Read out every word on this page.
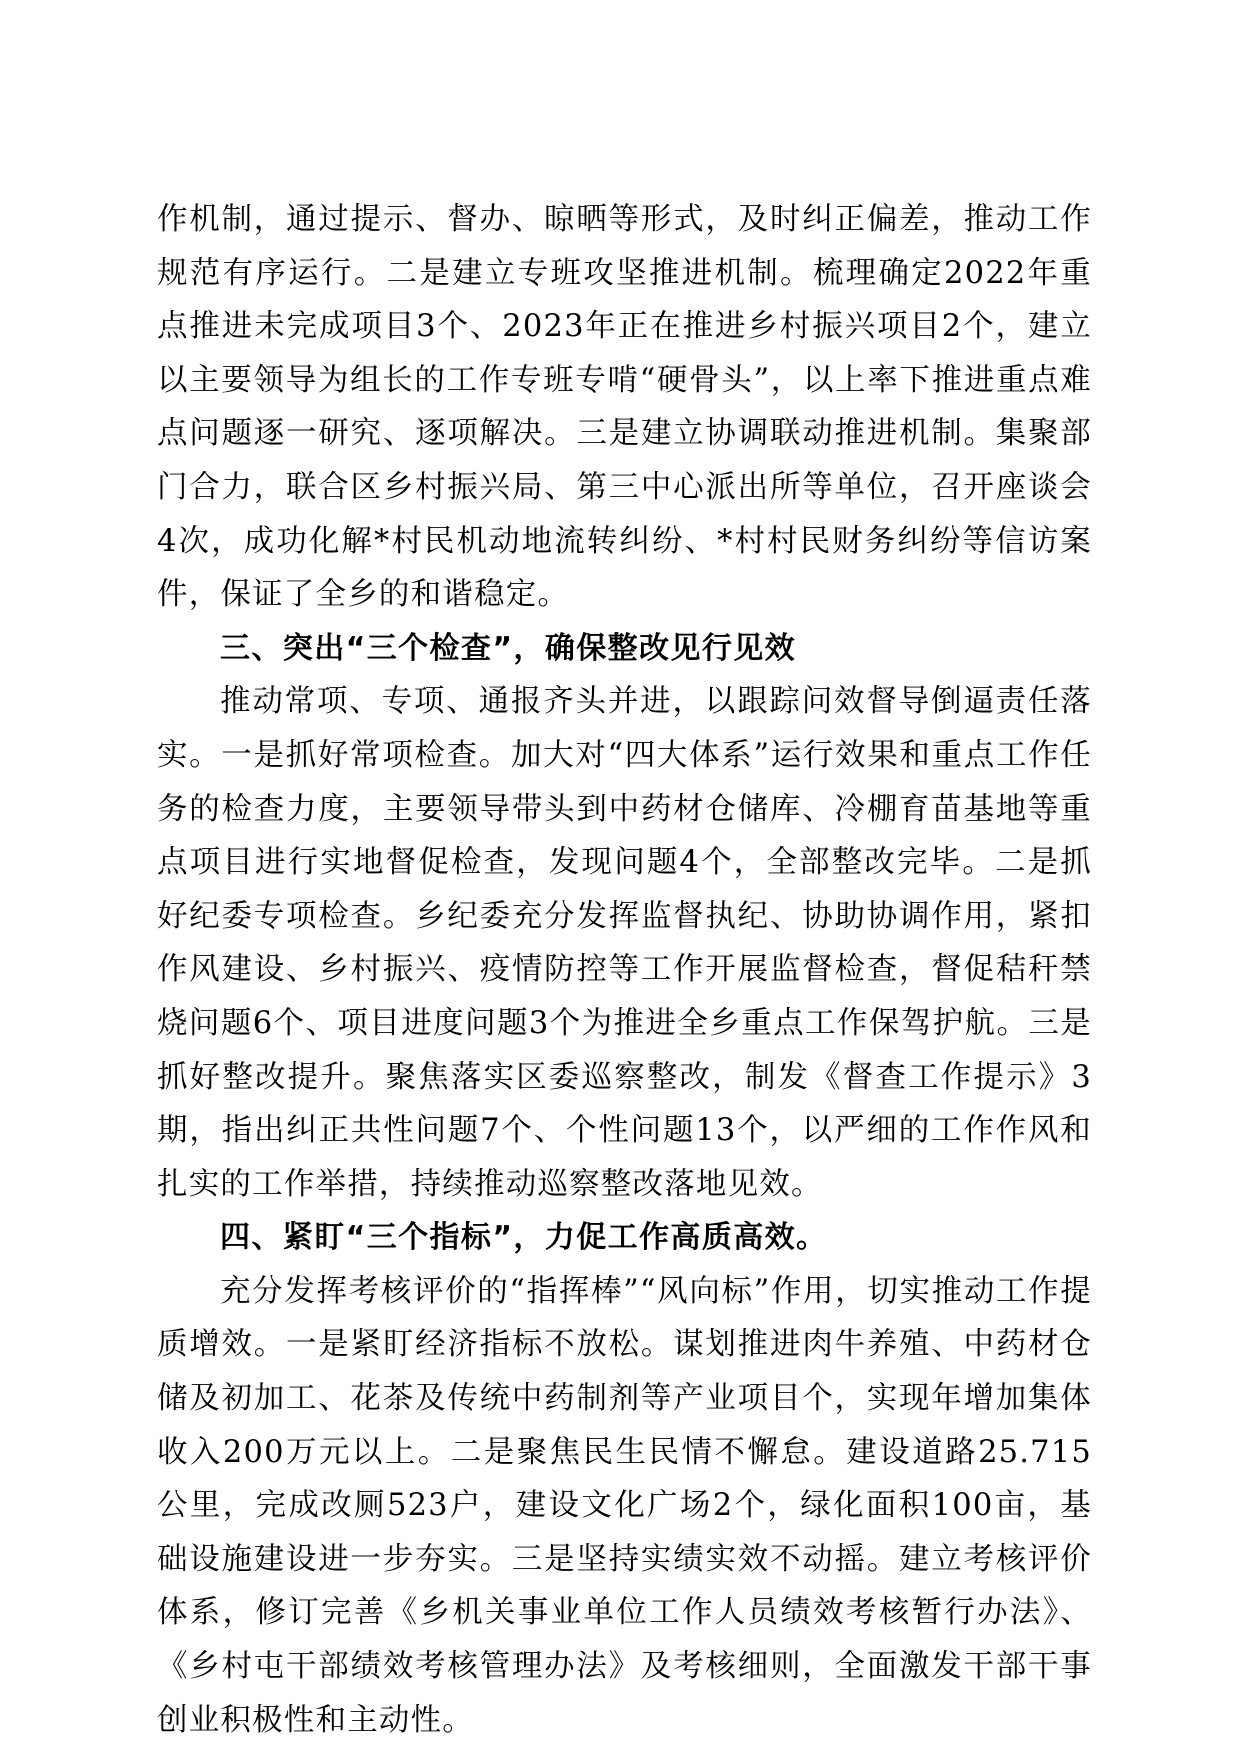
作机制，通过提示、督办、晾晒等形式，及时纠正偏差，推动工作规范有序运行。二是建立专班攻坚推进机制。梳理确定2022年重点推进未完成项目3个、2023年正在推进乡村振兴项目2个，建立以主要领导为组长的工作专班专啃“硬骨头”，以上率下推进重点难点问题逐一研究、逐项解决。三是建立协调联动推进机制。集聚部门合力，联合区乡村振兴局、第三中心派出所等单位，召开座谈会4次，成功化解*村民机动地流转纠纷、*村村民财务纠纷等信访案件，保证了全乡的和谐稳定。

三、突出“三个检查”，确保整改见行见效

推动常项、专项、通报齐头并进，以跟踪问效督导倒逼责任落实。一是抓好常项检查。加大对“四大体系”运行效果和重点工作任务的检查力度，主要领导带头到中药材仓储库、冷棚育苗基地等重点项目进行实地督促检查，发现问题4个，全部整改完毕。二是抓好纪委专项检查。乡纪委充分发挥监督执纪、协助协调作用，紧扣作风建设、乡村振兴、疫情防控等工作开展监督检查，督促秸秆禁烧问题6个、项目进度问题3个为推进全乡重点工作保驾护航。三是抓好整改提升。聚焦落实区委巡察整改，制发《督查工作提示》3期，指出纠正共性问题7个、个性问题13个，以严细的工作作风和扎实的工作举措，持续推动巡察整改落地见效。

四、紧盯“三个指标”，力促工作高质高效。

充分发挥考核评价的“指挥棒”“风向标”作用，切实推动工作提质增效。一是紧盯经济指标不放松。谋划推进肉牛养殖、中药材仓储及初加工、花茶及传统中药制剂等产业项目个，实现年增加集体收入200万元以上。二是聚焦民生民情不懈怠。建设道路25.715公里，完成改厕523户，建设文化广场2个，绿化面积100亩，基础设施建设进一步夯实。三是坚持实绩实效不动摇。建立考核评价体系，修订完善《乡机关事业单位工作人员绩效考核暂行办法》、《乡村屯干部绩效考核管理办法》及考核细则，全面激发干部干事创业积极性和主动性。
